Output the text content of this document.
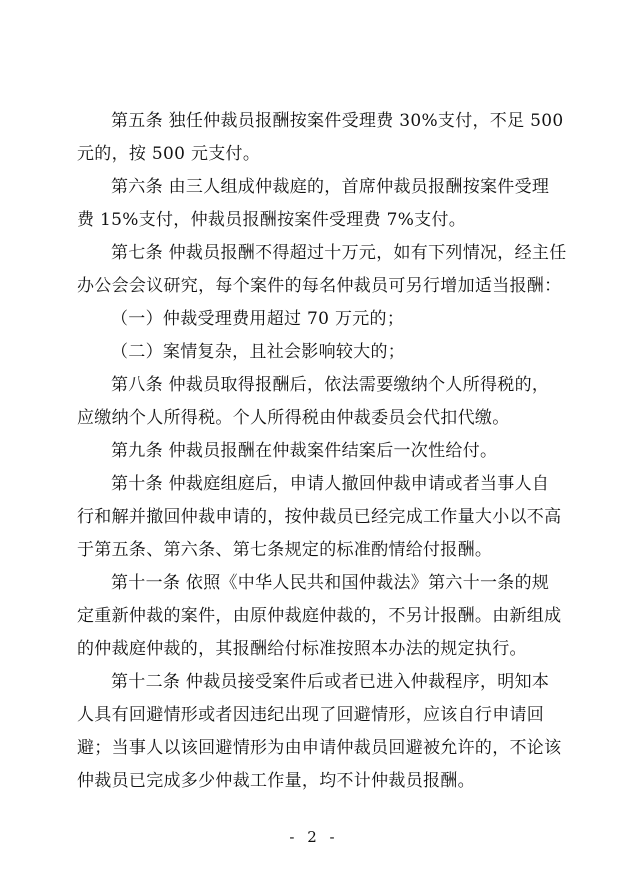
第五条 独任仲裁员报酬按案件受理费 30%支付，不足 500
元的，按 500 元支付。

第六条 由三人组成仲裁庭的，首席仲裁员报酬按案件受理
费 15%支付，仲裁员报酬按案件受理费 7%支付。

第七条 仲裁员报酬不得超过十万元，如有下列情况，经主任
办公会会议研究，每个案件的每名仲裁员可另行增加适当报酬：

（一）仲裁受理费用超过 70 万元的；

（二）案情复杂，且社会影响较大的；

第八条 仲裁员取得报酬后，依法需要缴纳个人所得税的，
应缴纳个人所得税。个人所得税由仲裁委员会代扣代缴。

第九条 仲裁员报酬在仲裁案件结案后一次性给付。

第十条 仲裁庭组庭后，申请人撤回仲裁申请或者当事人自
行和解并撤回仲裁申请的，按仲裁员已经完成工作量大小以不高
于第五条、第六条、第七条规定的标准酌情给付报酬。

第十一条 依照《中华人民共和国仲裁法》第六十一条的规
定重新仲裁的案件，由原仲裁庭仲裁的，不另计报酬。由新组成
的仲裁庭仲裁的，其报酬给付标准按照本办法的规定执行。

第十二条 仲裁员接受案件后或者已进入仲裁程序，明知本
人具有回避情形或者因违纪出现了回避情形，应该自行申请回
避；当事人以该回避情形为由申请仲裁员回避被允许的，不论该
仲裁员已完成多少仲裁工作量，均不计仲裁员报酬。

- 2 -
